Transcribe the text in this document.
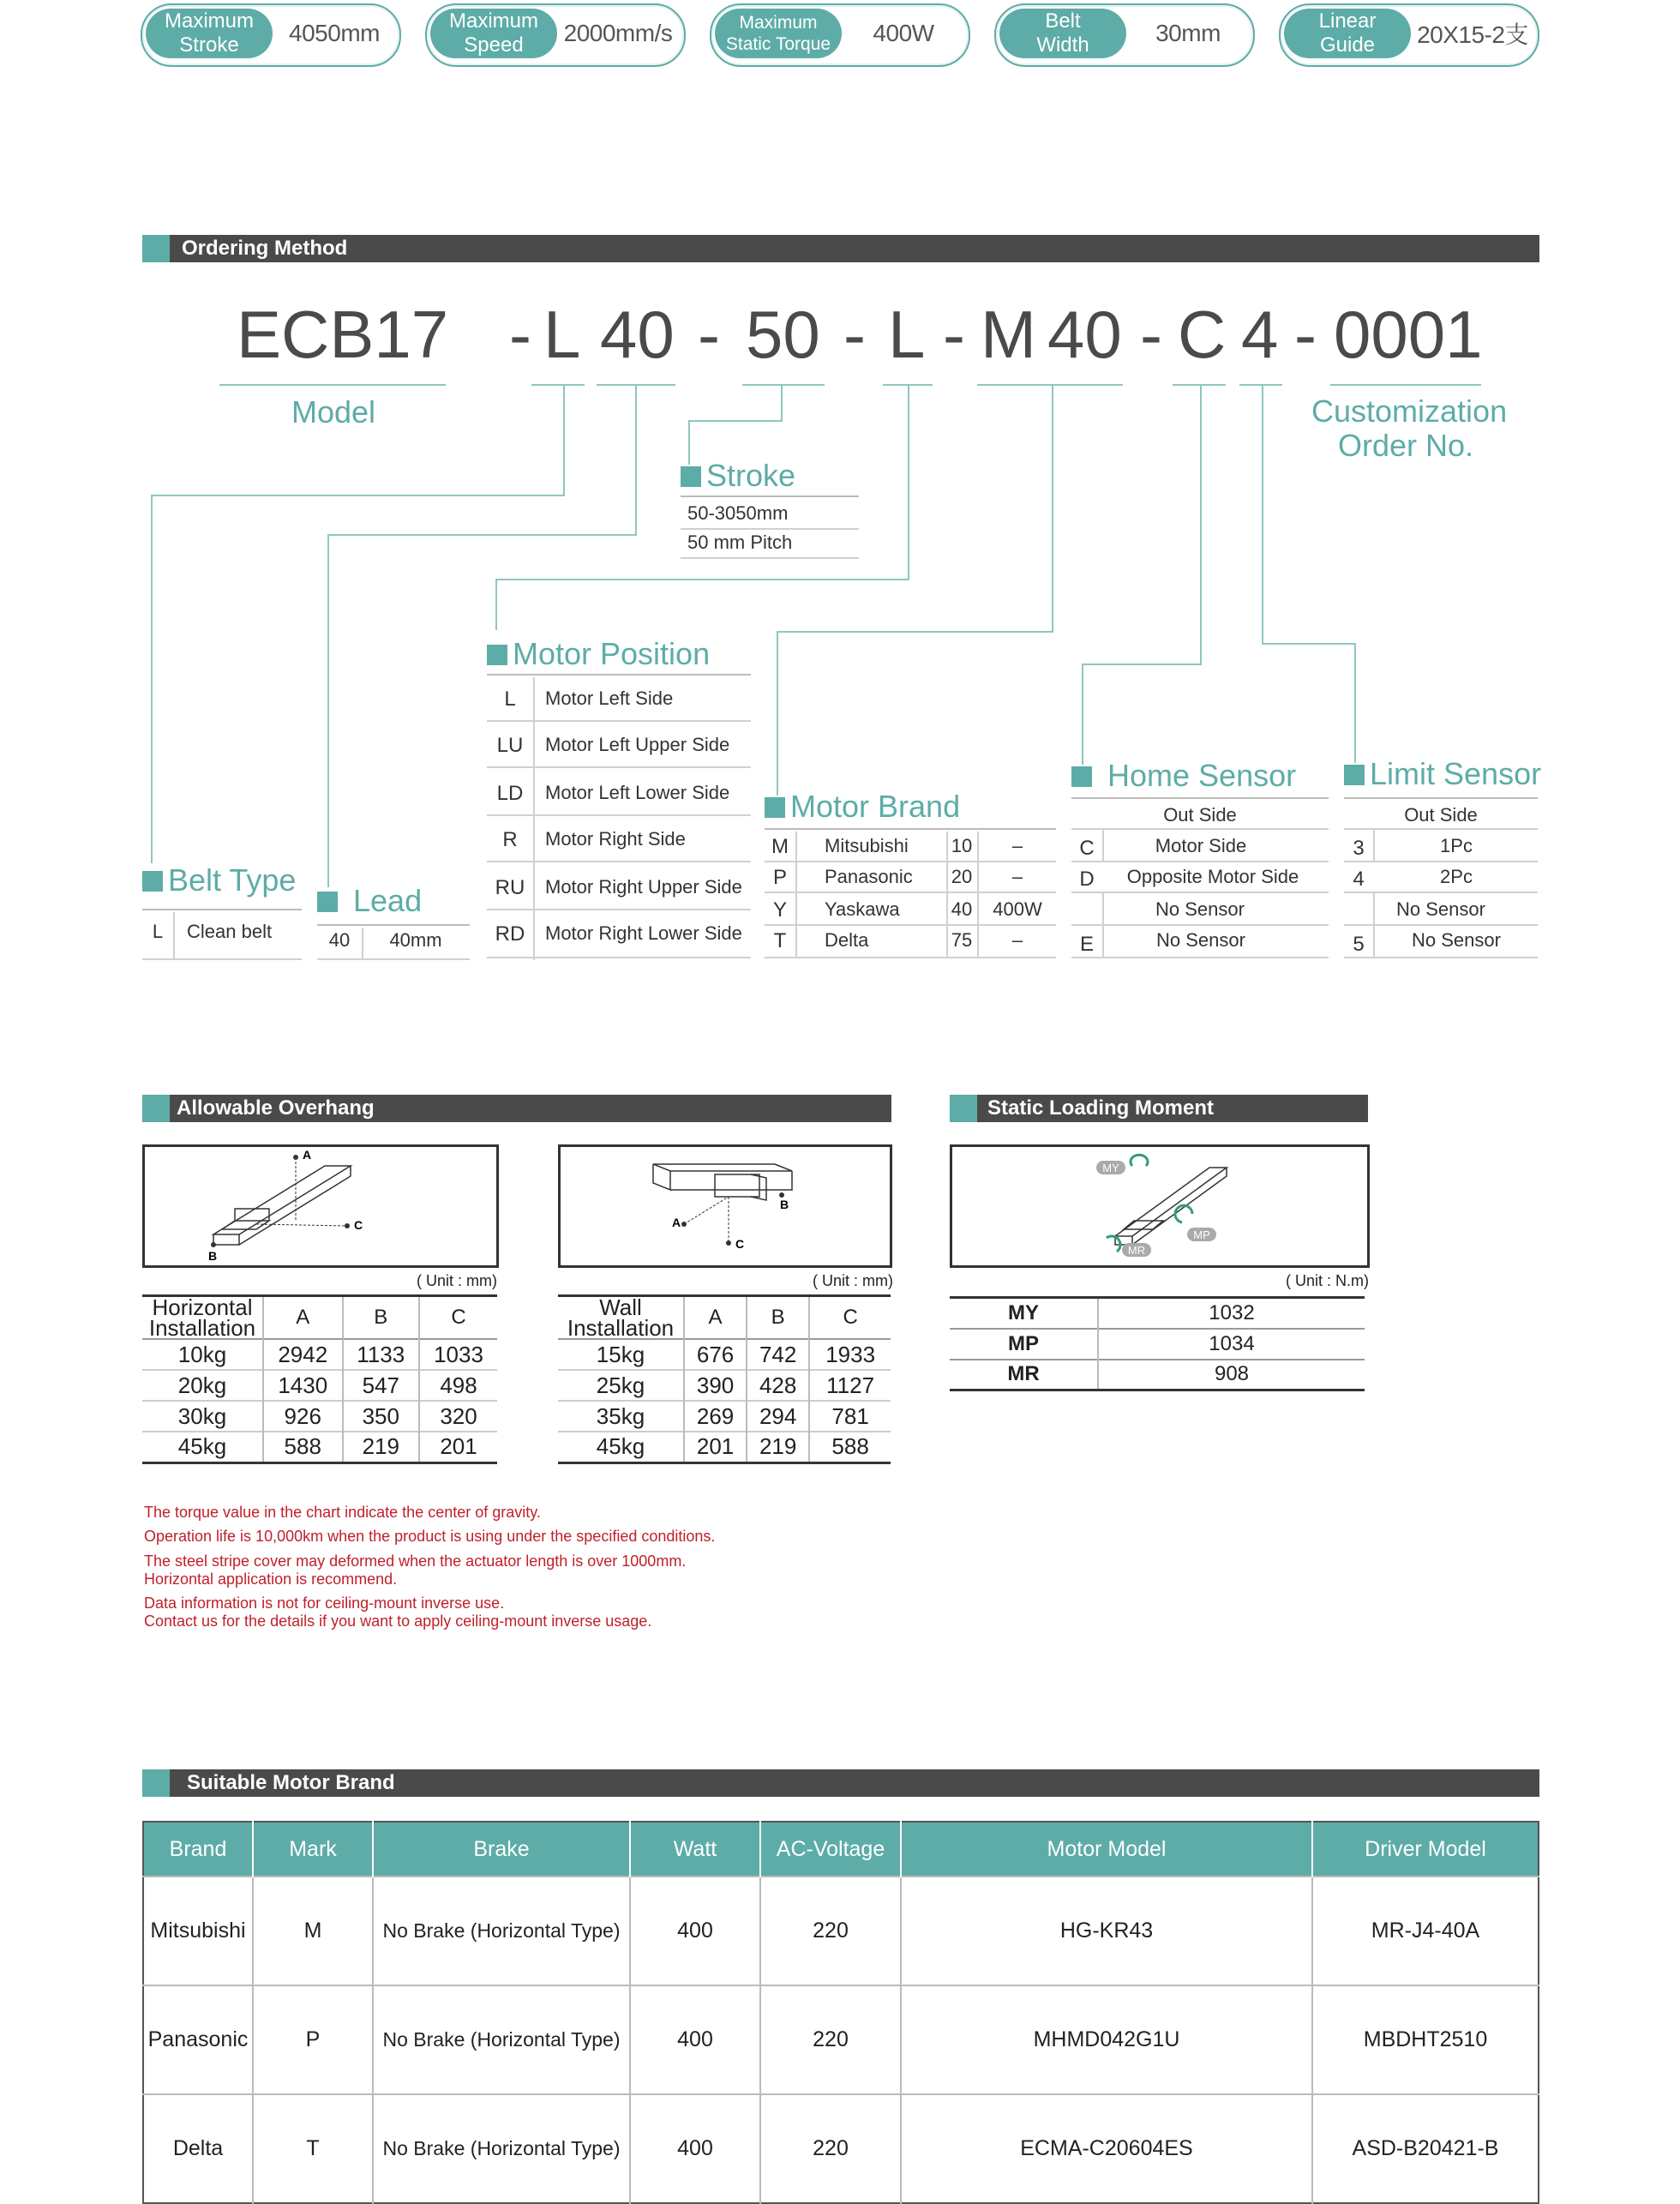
Maximum
Stroke	4050mm	Maximum
Speed	2000mm/s	Maximum
Static Torque	400W	Belt
Width	30mm	Linear
Guide	20X15-2支
Ordering Method
ECB17 - L 40 - 50 - L - M 40 - C 4 - 0001
Model	Customization
Order No.
Stroke
50-3050mm
50 mm Pitch
Motor Position
L	Motor Left Side
LU	Motor Left Upper Side
LD	Motor Left Lower Side
R	Motor Right Side
RU	Motor Right Upper Side
RD	Motor Right Lower Side
Belt Type
L	Clean belt
Lead
40	40mm
Motor Brand
M	Mitsubishi 10	–
P	Panasonic 20	–
Y	Yaskawa	40	400W
T	Delta	75	–
Home Sensor
Out Side
C	Motor Side
D	Opposite Motor Side
No Sensor
E	No Sensor
Limit Sensor
Out Side
3	1Pc
4	2Pc
No Sensor
5	No Sensor
Allowable Overhang
A
B
C	A
B
C
( Unit : mm)	( Unit : mm)
Horizontal
Installation	A	B	C
10kg	2942	1133	1033
20kg	1430	547	498
30kg	926	350	320
45kg	588	219	201
Wall
Installation	A	B	C
15kg	676	742	1933
25kg	390	428	1127
35kg	269	294	781
45kg	201	219	588
Static Loading Moment
MY
MP
MR
( Unit : N.m)
MY	1032
MP	1034
MR	908
The torque value in the chart indicate the center of gravity.
Operation life is 10,000km when the product is using under the specified conditions.
The steel stripe cover may deformed when the actuator length is over 1000mm.
Horizontal application is recommend.
Data information is not for ceiling-mount inverse use.
Contact us for the details if you want to apply ceiling-mount inverse usage.
Suitable Motor Brand
Brand	Mark	Brake	Watt	AC-Voltage	Motor Model	Driver Model
Mitsubishi	M	No Brake (Horizontal Type)	400	220	HG-KR43	MR-J4-40A
Panasonic	P	No Brake (Horizontal Type)	400	220	MHMD042G1U	MBDHT2510
Delta	T	No Brake (Horizontal Type)	400	220	ECMA-C20604ES	ASD-B20421-B
